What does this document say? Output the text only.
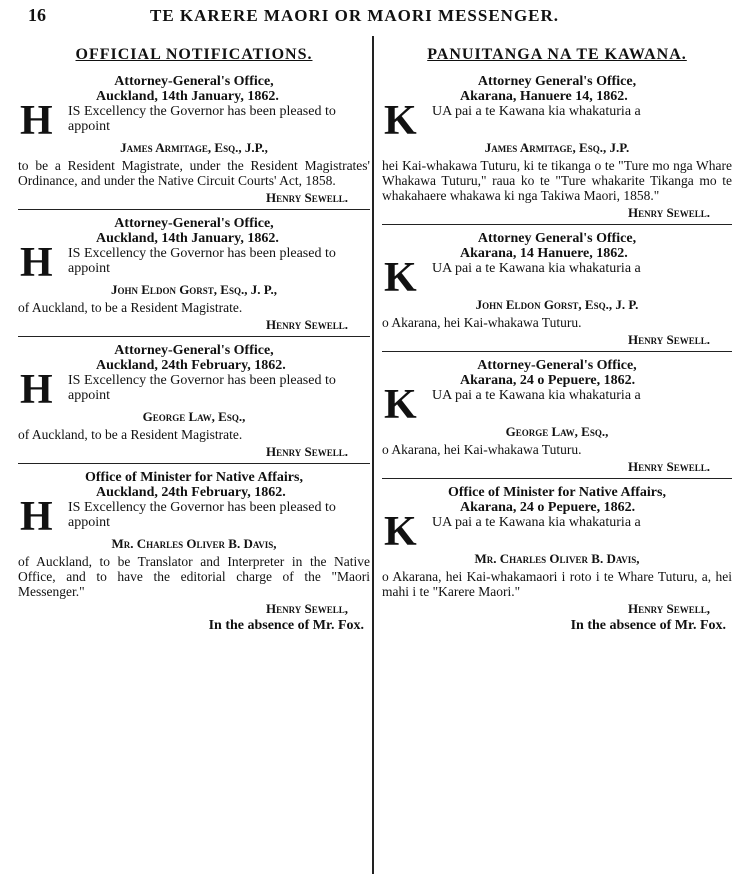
16	TE KARERE MAORI OR MAORI MESSENGER.
OFFICIAL NOTIFICATIONS.
Attorney-General's Office,
Auckland, 14th January, 1862.
H IS Excellency the Governor has been pleased to appoint
James Armitage, Esq., J.P.,
to be a Resident Magistrate, under the Resident Magistrates' Ordinance, and under the Native Circuit Courts' Act, 1858.
Henry Sewell.
Attorney-General's Office,
Auckland, 14th January, 1862.
H IS Excellency the Governor has been pleased to appoint
John Eldon Gorst, Esq., J. P.,
of Auckland, to be a Resident Magistrate.
Henry Sewell.
Attorney-General's Office,
Auckland, 24th February, 1862.
H IS Excellency the Governor has been pleased to appoint
George Law, Esq.,
of Auckland, to be a Resident Magistrate.
Henry Sewell.
Office of Minister for Native Affairs,
Auckland, 24th February, 1862.
H IS Excellency the Governor has been pleased to appoint
Mr. Charles Oliver B. Davis,
of Auckland, to be Translator and Interpreter in the Native Office, and to have the editorial charge of the "Maori Messenger."
Henry Sewell,
In the absence of Mr. Fox.
PANUITANGA NA TE KAWANA.
Attorney General's Office,
Akarana, Hanuere 14, 1862.
K UA pai a te Kawana kia whakaturia a
James Armitage, Esq., J.P.
hei Kai-whakawa Tuturu, ki te tikanga o te "Ture mo nga Whare Whakawa Tuturu," raua ko te "Ture whakarite Tikanga mo te whakahaere whakawa ki nga Takiwa Maori, 1858."
Henry Sewell.
Attorney General's Office,
Akarana, 14 Hanuere, 1862.
K UA pai a te Kawana kia whakaturia a
John Eldon Gorst, Esq., J. P.
o Akarana, hei Kai-whakawa Tuturu.
Henry Sewell.
Attorney-General's Office,
Akarana, 24 o Pepuere, 1862.
K UA pai a te Kawana kia whakaturia a
George Law, Esq.,
o Akarana, hei Kai-whakawa Tuturu.
Henry Sewell.
Office of Minister for Native Affairs,
Akarana, 24 o Pepuere, 1862.
K UA pai a te Kawana kia whakaturia a
Mr. Charles Oliver B. Davis,
o Akarana, hei Kai-whakamaori i roto i te Whare Tuturu, a, hei mahi i te "Karere Maori."
Henry Sewell,
In the absence of Mr. Fox.
